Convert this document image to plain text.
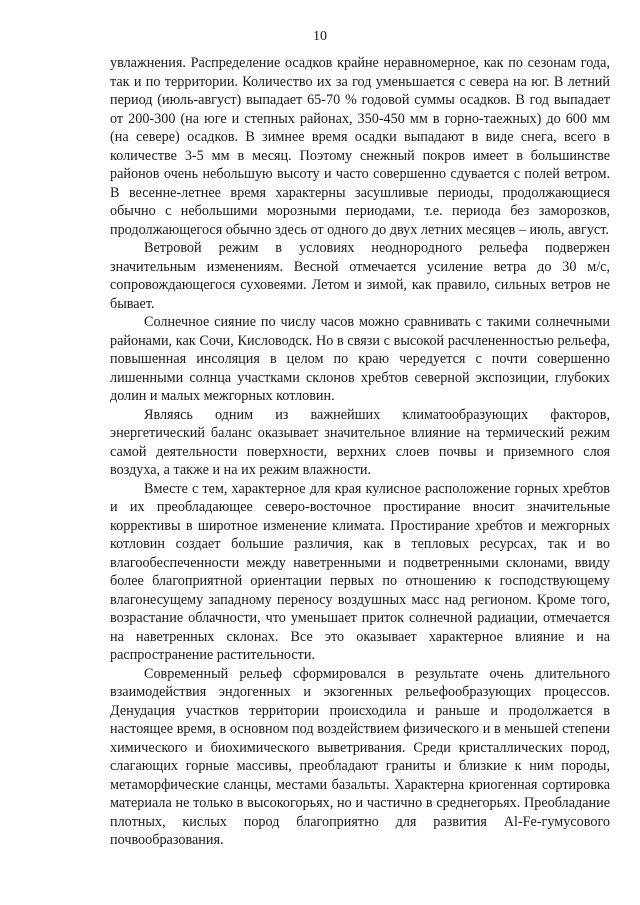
10

увлажнения. Распределение осадков крайне неравномерное, как по сезонам года, так и по территории. Количество их за год уменьшается с севера на юг. В летний период (июль-август) выпадает 65-70 % годовой суммы осадков. В год выпадает от 200-300 (на юге и степных районах, 350-450 мм в горно-таежных) до 600 мм (на севере) осадков. В зимнее время осадки выпадают в виде снега, всего в количестве 3-5 мм в месяц. Поэтому снежный покров имеет в большинстве районов очень небольшую высоту и часто совершенно сдувается с полей ветром. В весенне-летнее время характерны засушливые периоды, продолжающиеся обычно с небольшими морозными периодами, т.е. периода без заморозков, продолжающегося обычно здесь от одного до двух летних месяцев – июль, август.

Ветровой режим в условиях неоднородного рельефа подвержен значительным изменениям. Весной отмечается усиление ветра до 30 м/с, сопровождающегося суховеями. Летом и зимой, как правило, сильных ветров не бывает.

Солнечное сияние по числу часов можно сравнивать с такими солнечными районами, как Сочи, Кисловодск. Но в связи с высокой расчлененностью рельефа, повышенная инсоляция в целом по краю чередуется с почти совершенно лишенными солнца участками склонов хребтов северной экспозиции, глубоких долин и малых межгорных котловин.

Являясь одним из важнейших климатообразующих факторов, энергетический баланс оказывает значительное влияние на термический режим самой деятельности поверхности, верхних слоев почвы и приземного слоя воздуха, а также и на их режим влажности.

Вместе с тем, характерное для края кулисное расположение горных хребтов и их преобладающее северо-восточное простирание вносит значительные коррективы в широтное изменение климата. Простирание хребтов и межгорных котловин создает большие различия, как в тепловых ресурсах, так и во влагообеспеченности между наветренными и подветренными склонами, ввиду более благоприятной ориентации первых по отношению к господствующему влагонесущему западному переносу воздушных масс над регионом. Кроме того, возрастание облачности, что уменьшает приток солнечной радиации, отмечается на наветренных склонах. Все это оказывает характерное влияние и на распространение растительности.

Современный рельеф сформировался в результате очень длительного взаимодействия эндогенных и экзогенных рельефообразующих процессов. Денудация участков территории происходила и раньше и продолжается в настоящее время, в основном под воздействием физического и в меньшей степени химического и биохимического выветривания. Среди кристаллических пород, слагающих горные массивы, преобладают граниты и близкие к ним породы, метаморфические сланцы, местами базальты. Характерна криогенная сортировка материала не только в высокогорьях, но и частично в среднегорьях. Преобладание плотных, кислых пород благоприятно для развития Al-Fe-гумусового почвообразования.
